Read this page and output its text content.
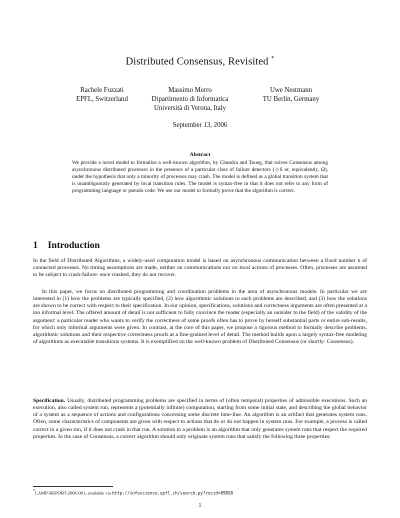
Distributed Consensus, Revisited *
Rachele Fuzzati
EPFL, Switzerland
Massimo Merro
Dipartimento di Informatica
Università di Verona, Italy
Uwe Nestmann
TU Berlin, Germany
September 13, 2006
Abstract
We provide a novel model to formalize a well-known algorithm, by Chandra and Toueg, that solves Consensus among asynchronous distributed processes in the presence of a particular class of failure detectors (◇S or, equivalently, Ω), under the hypothesis that only a minority of processes may crash. The model is defined as a global transition system that is unambiguously generated by local transition rules. The model is syntax-free in that it does not refer to any form of programming language or pseudo code. We use our model to formally prove that the algorithm is correct.
1 Introduction
In the field of Distributed Algorithms, a widely-used computation model is based on asynchronous communication between a fixed number n of connected processes. No timing assumptions are made, neither on communications nor on local actions of processes. Often, processes are assumed to be subject to crash-failure: once crashed, they do not recover.
In this paper, we focus on distributed programming and coordination problems in the area of asynchronous models. In particular we are interested in (1) how the problems are typically specified, (2) how algorithmic solutions to such problems are described, and (3) how the solutions are shown to be correct with respect to their specification. In our opinion, specifications, solutions and correctness arguments are often presented at a too informal level. The offered amount of detail is not sufficient to fully convince the reader (especially an outsider to the field) of the validity of the argument: a particular reader who wants to verify the correctness of some proofs often has to prove by herself substantial parts or entire sub-results, for which only informal arguments were given. In contrast, at the core of this paper, we propose a rigorous method to formally describe problems, algorithmic solutions and their respective correctness proofs at a fine-grained level of detail. The method builds upon a largely syntax-free modeling of algorithms as executable transitions systems. It is exemplified on the well-known problem of Distributed Consensus (or shortly: Consensus).
Specification. Usually, distributed programming problems are specified in terms of (often temporal) properties of admissible executions. Such an execution, also called system run, represents a (potentially infinite) computation, starting from some initial state, and describing the global behavior of a system as a sequence of actions and configurations concerning some discrete time-line. An algorithm is an artifact that generates system runs. Often, some characteristics of components are given with respect to actions that do or do not happen in system runs. For example, a process is called correct in a given run, if it does not crash in that run. A solution to a problem is an algorithm that only generates system runs that respect the required properties. In the case of Consensus, a correct algorithm should only originate system runs that satisfy the following three properties:
*LAMP-REPORT-2006-001, available via http://infoscience.epfl.ch/search.py?recid=89858
1
